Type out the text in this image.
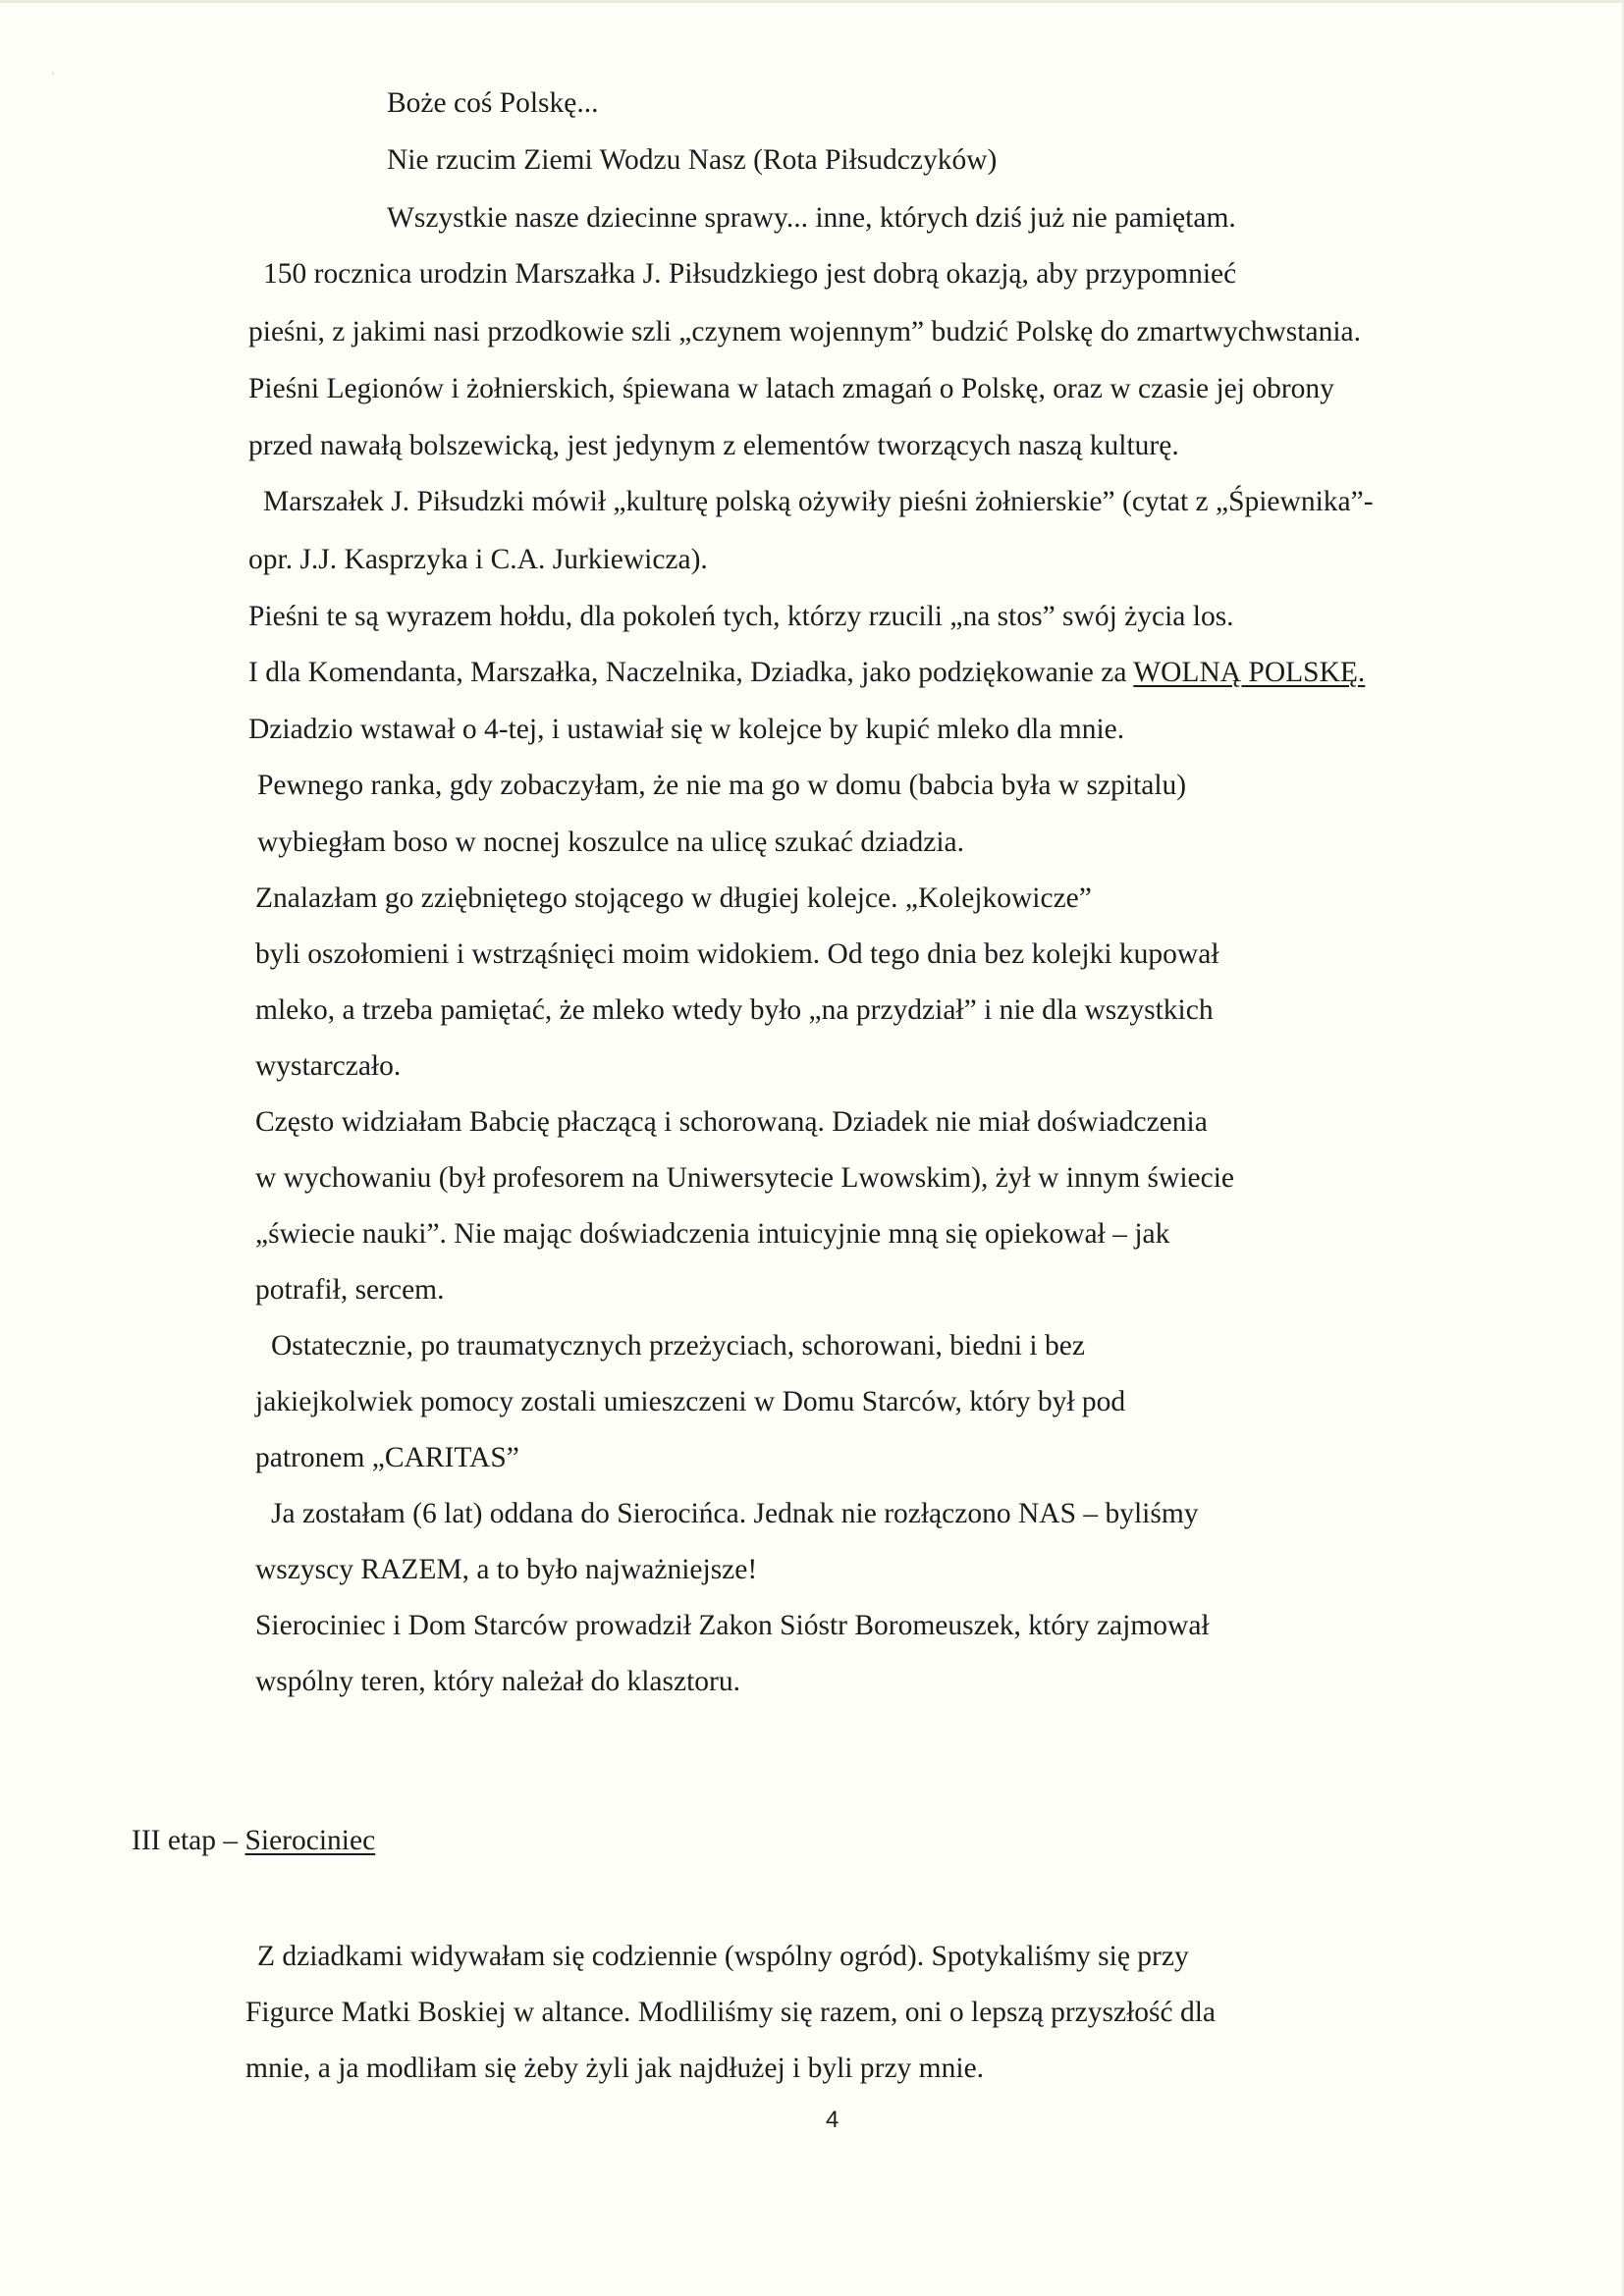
ˌ

Boże coś Polskę...

Nie rzucim Ziemi Wodzu Nasz (Rota Piłsudczyków)

Wszystkie nasze dziecinne sprawy... inne, których dziś już nie pamiętam.

150 rocznica urodzin Marszałka J. Piłsudzkiego jest dobrą okazją, aby przypomnieć

pieśni, z jakimi nasi przodkowie szli „czynem wojennym” budzić Polskę do zmartwychwstania.

Pieśni Legionów i żołnierskich, śpiewana w latach zmagań o Polskę, oraz w czasie jej obrony

przed nawałą bolszewicką, jest jedynym z elementów tworzących naszą kulturę.

Marszałek J. Piłsudzki mówił „kulturę polską ożywiły pieśni żołnierskie” (cytat z „Śpiewnika”-

opr. J.J. Kasprzyka i C.A. Jurkiewicza).

Pieśni te są wyrazem hołdu, dla pokoleń tych, którzy rzucili „na stos” swój życia los.

I dla Komendanta, Marszałka, Naczelnika, Dziadka, jako podziękowanie za WOLNĄ POLSKĘ.

Dziadzio wstawał o 4-tej, i ustawiał się w kolejce by kupić mleko dla mnie.

Pewnego ranka, gdy zobaczyłam, że nie ma go w domu (babcia była w szpitalu)

wybiegłam boso w nocnej koszulce na ulicę szukać dziadzia.

Znalazłam go zziębniętego stojącego w długiej kolejce. „Kolejkowicze”

byli oszołomieni i wstrząśnięci moim widokiem. Od tego dnia bez kolejki kupował

mleko, a trzeba pamiętać, że mleko wtedy było „na przydział” i nie dla wszystkich

wystarczało.

Często widziałam Babcię płaczącą i schorowaną. Dziadek nie miał doświadczenia

w wychowaniu (był profesorem na Uniwersytecie Lwowskim), żył w innym świecie

„świecie nauki”. Nie mając doświadczenia intuicyjnie mną się opiekował – jak

potrafił, sercem.

Ostatecznie, po traumatycznych przeżyciach, schorowani, biedni i bez

jakiejkolwiek pomocy zostali umieszczeni w Domu Starców, który był pod

patronem „CARITAS”

Ja zostałam (6 lat) oddana do Sierocińca. Jednak nie rozłączono NAS – byliśmy

wszyscy RAZEM, a to było najważniejsze!

Sierociniec i Dom Starców prowadził Zakon Sióstr Boromeuszek, który zajmował

wspólny teren, który należał do klasztoru.

III etap – Sierociniec

Z dziadkami widywałam się codziennie (wspólny ogród). Spotykaliśmy się przy

Figurce Matki Boskiej w altance. Modliliśmy się razem, oni o lepszą przyszłość dla

mnie, a ja modliłam się żeby żyli jak najdłużej i byli przy mnie.

4
